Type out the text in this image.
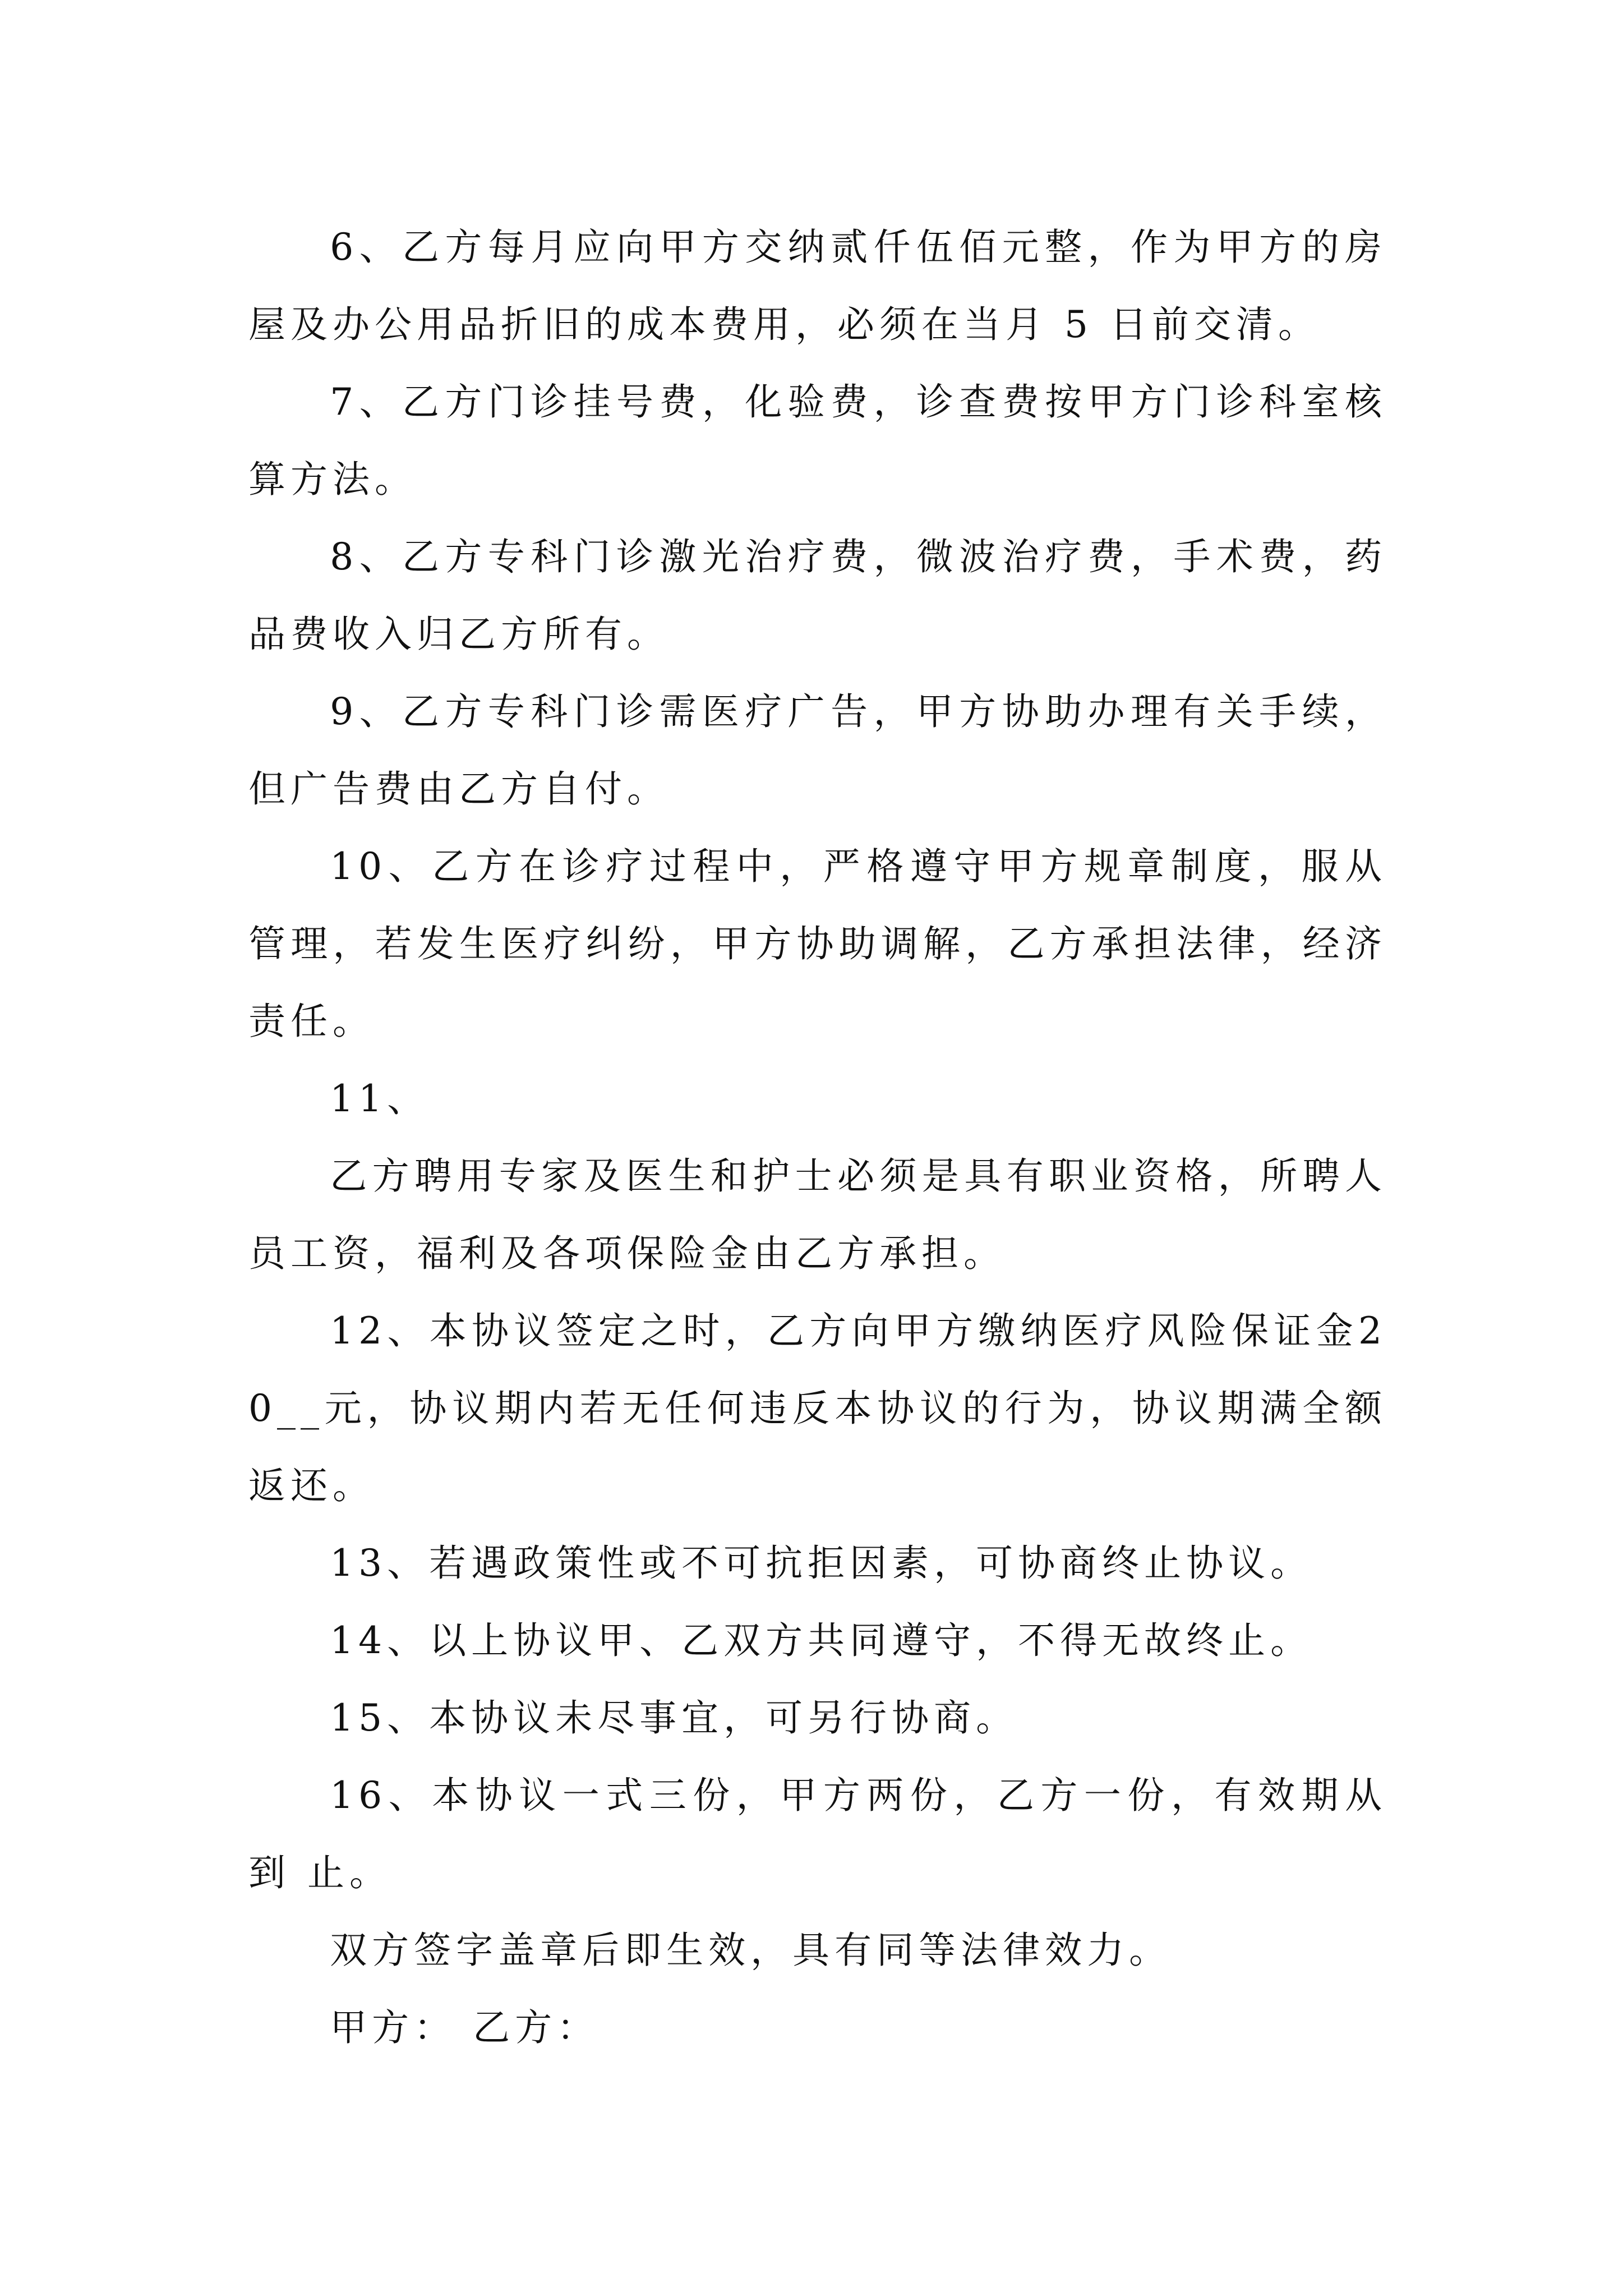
6、乙方每月应向甲方交纳贰仟伍佰元整，作为甲方的房屋及办公用品折旧的成本费用，必须在当月 5 日前交清。

7、乙方门诊挂号费，化验费，诊查费按甲方门诊科室核算方法。

8、乙方专科门诊激光治疗费，微波治疗费，手术费，药品费收入归乙方所有。

9、乙方专科门诊需医疗广告，甲方协助办理有关手续，但广告费由乙方自付。

10、乙方在诊疗过程中，严格遵守甲方规章制度，服从管理，若发生医疗纠纷，甲方协助调解，乙方承担法律，经济责任。

11、

乙方聘用专家及医生和护士必须是具有职业资格，所聘人员工资，福利及各项保险金由乙方承担。

12、本协议签定之时，乙方向甲方缴纳医疗风险保证金20__元，协议期内若无任何违反本协议的行为，协议期满全额返还。

13、若遇政策性或不可抗拒因素，可协商终止协议。

14、以上协议甲、乙双方共同遵守，不得无故终止。

15、本协议未尽事宜，可另行协商。

16、本协议一式三份，甲方两份，乙方一份，有效期从到 止。

双方签字盖章后即生效，具有同等法律效力。

甲方： 乙方：
